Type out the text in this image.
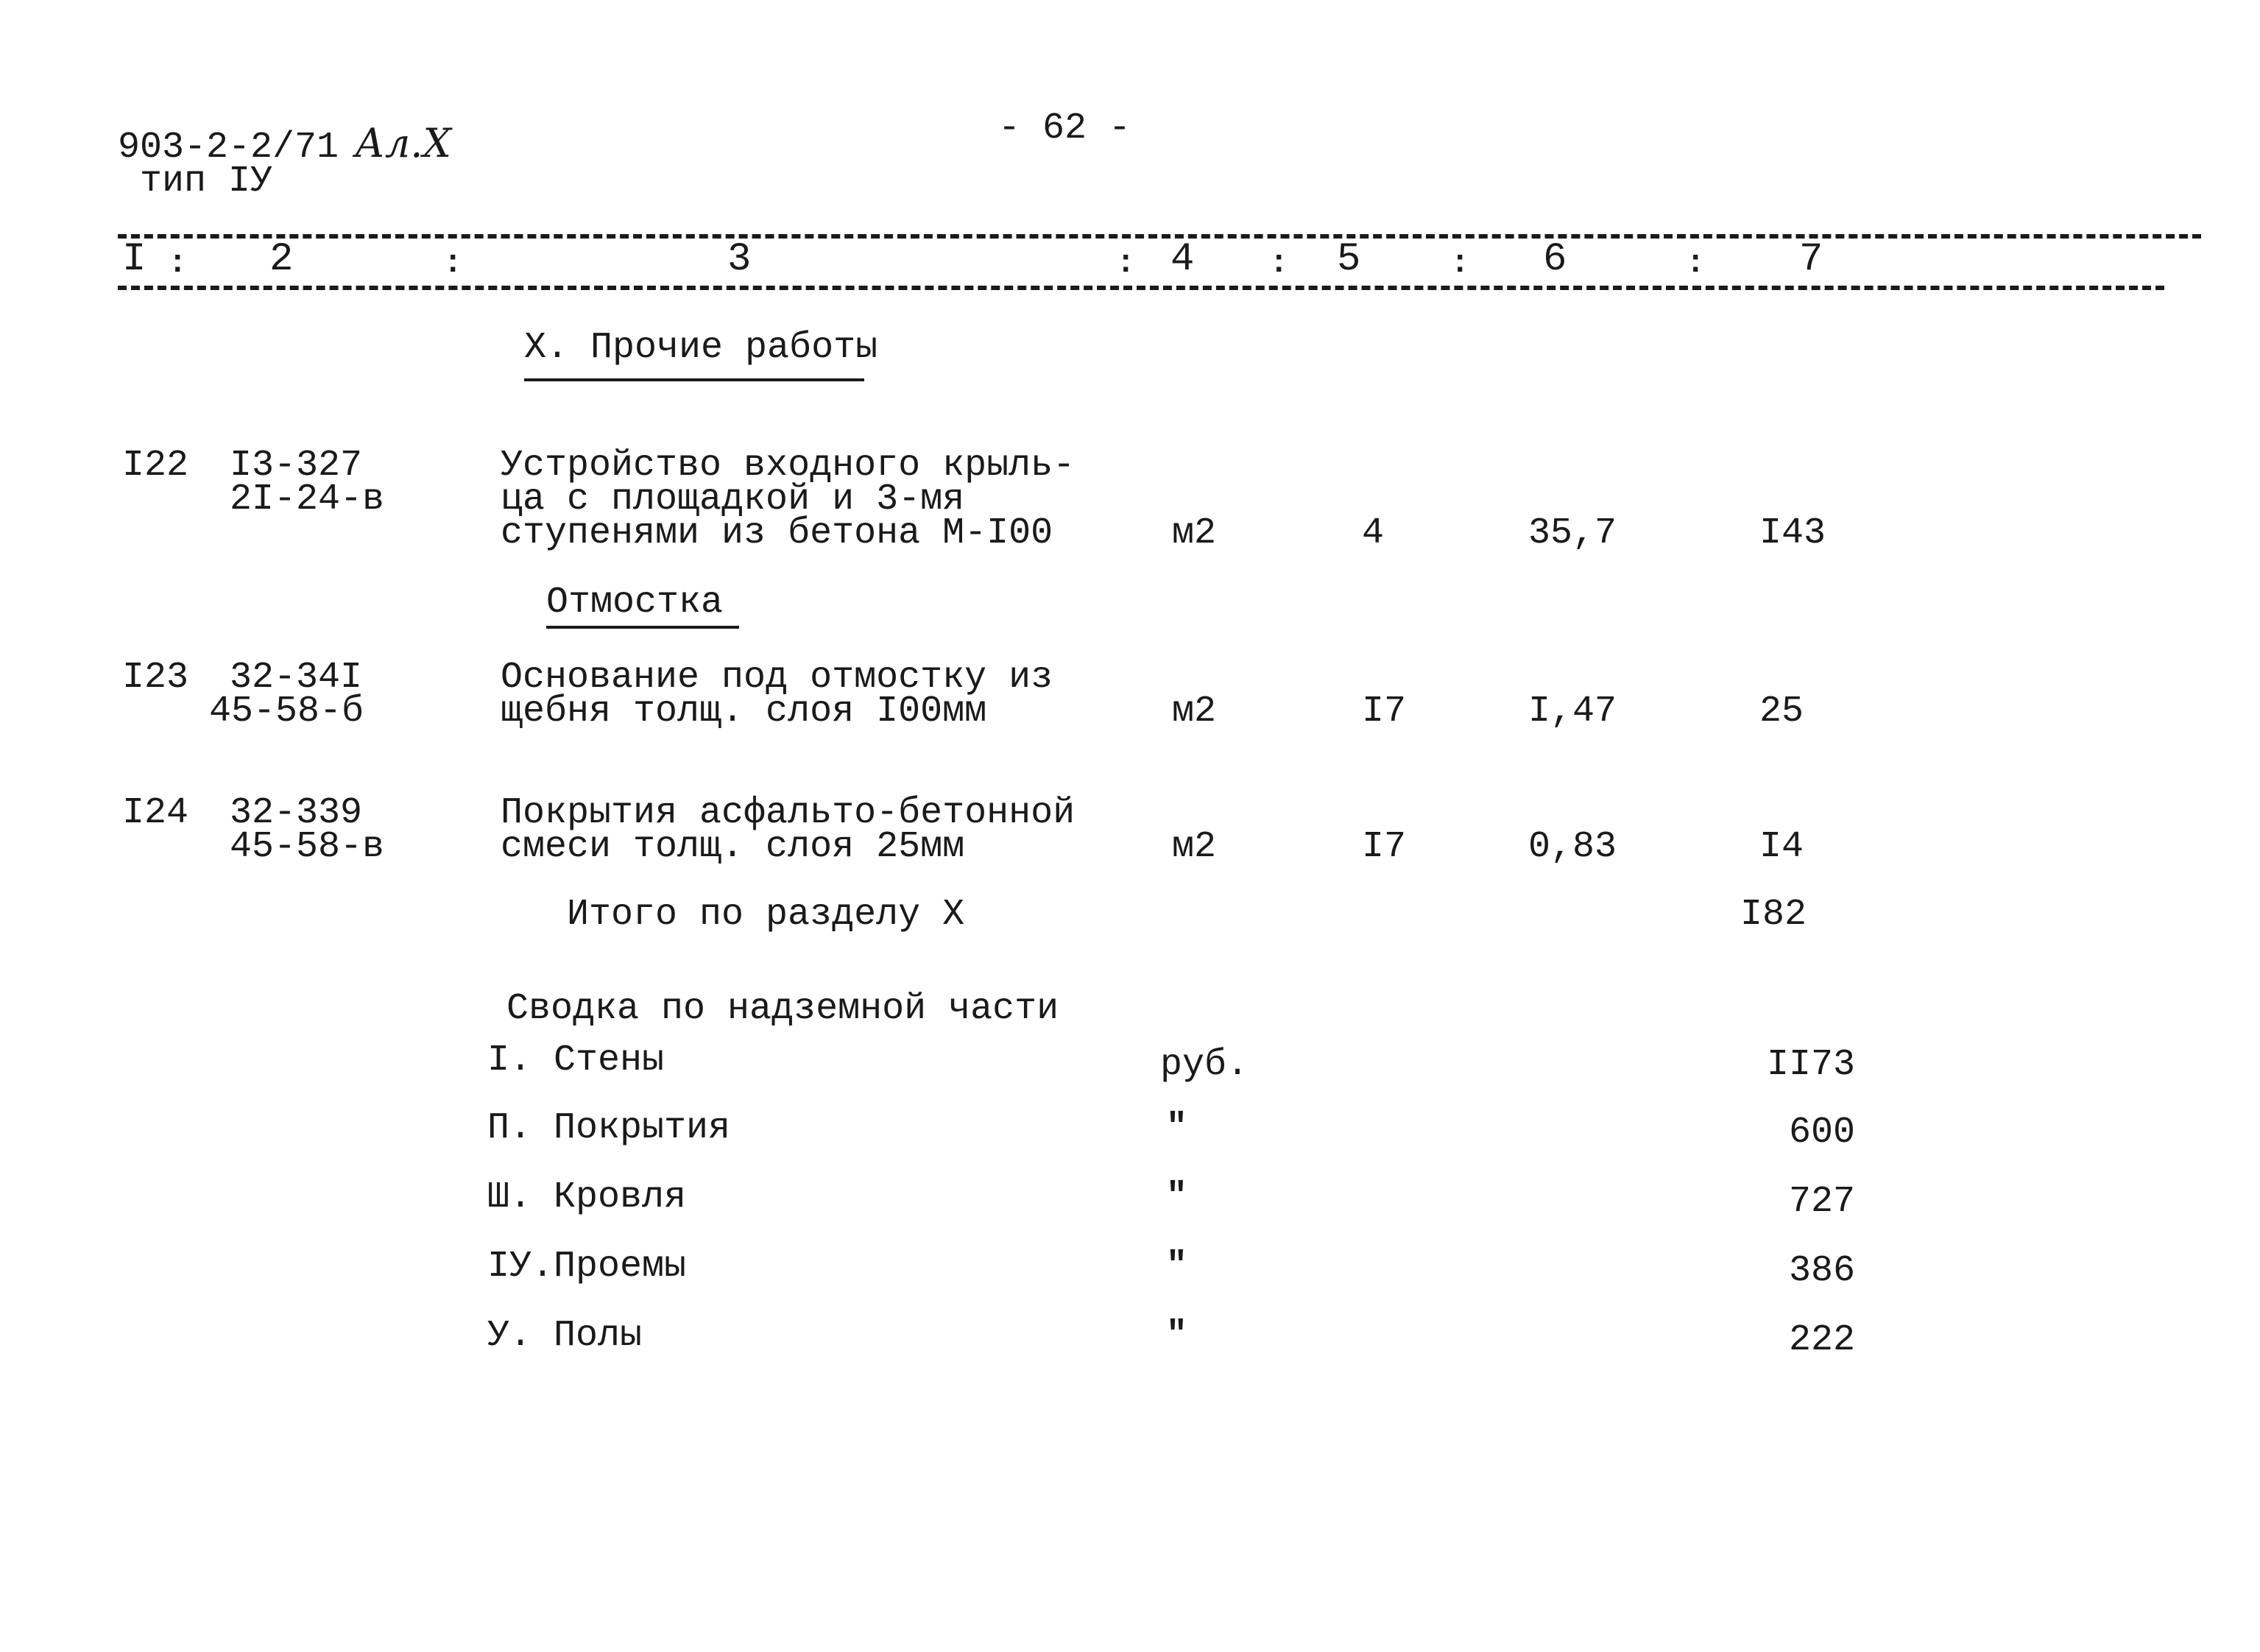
903-2-2/71 Ал.X
тип IУ
- 62 -
I	2	3	4	5	6	7
:	:	:	:	:	:
X. Прочие работы
I22 I3-327
2I-24-в
Устройство входного крыль-
ца с площадкой и 3-мя
ступенями из бетона М-I00	м2	4	35,7	I43
Отмостка
I23 32-34I
45-58-б
Основание под отмостку из
щебня толщ. слоя I00мм	м2	I7	I,47	25
I24 32-339
45-58-в
Покрытия асфальто-бетонной
смеси толщ. слоя 25мм	м2	I7	0,83	I4
Итого по разделу X	I82
Сводка по надземной части
I. Стены	руб.	II73
П. Покрытия	"	600
Ш. Кровля	"	727
IУ.Проемы	"	386
У. Полы	"	222
